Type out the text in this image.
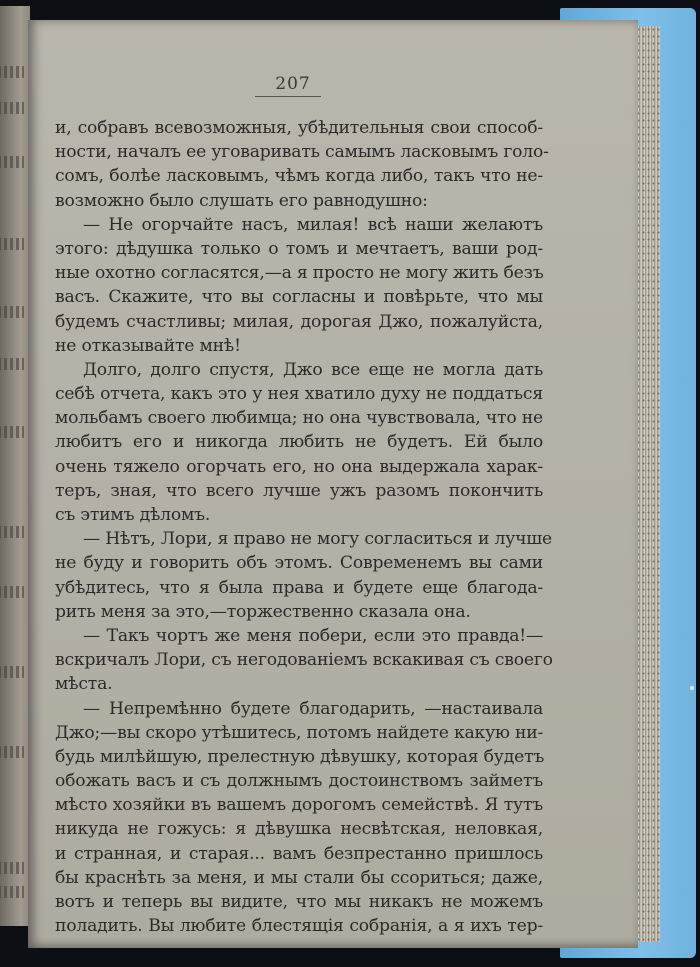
207
и, собравъ всевозможныя, убѣдительныя свои способ-
ности, началъ ее уговаривать самымъ ласковымъ голо-
сомъ, болѣе ласковымъ, чѣмъ когда либо, такъ что не-
возможно было слушать его равнодушно:
— Не огорчайте насъ, милая! всѣ наши желаютъ
этого: дѣдушка только о томъ и мечтаетъ, ваши род-
ные охотно согласятся,—а я просто не могу жить безъ
васъ. Скажите, что вы согласны и повѣрьте, что мы
будемъ счастливы; милая, дорогая Джо, пожалуйста,
не отказывайте мнѣ!
Долго, долго спустя, Джо все еще не могла дать
себѣ отчета, какъ это у нея хватило духу не поддаться
мольбамъ своего любимца; но она чувствовала, что не
любитъ его и никогда любить не будетъ. Ей было
очень тяжело огорчать его, но она выдержала харак-
теръ, зная, что всего лучше ужъ разомъ покончить
съ этимъ дѣломъ.
— Нѣтъ, Лори, я право не могу согласиться и лучше
не буду и говорить объ этомъ. Современемъ вы сами
убѣдитесь, что я была права и будете еще благода-
рить меня за это,—торжественно сказала она.
— Такъ чортъ же меня побери, если это правда!—
вскричалъ Лори, съ негодованіемъ вскакивая съ своего
мѣста.
— Непремѣнно будете благодарить, —настаивала
Джо;—вы скоро утѣшитесь, потомъ найдете какую ни-
будь милѣйшую, прелестную дѣвушку, которая будетъ
обожать васъ и съ должнымъ достоинствомъ займетъ
мѣсто хозяйки въ вашемъ дорогомъ семействѣ. Я тутъ
никуда не гожусь: я дѣвушка несвѣтская, неловкая,
и странная, и старая... вамъ безпрестанно пришлось
бы краснѣть за меня, и мы стали бы ссориться; даже,
вотъ и теперь вы видите, что мы никакъ не можемъ
поладить. Вы любите блестящія собранія, а я ихъ тер-
